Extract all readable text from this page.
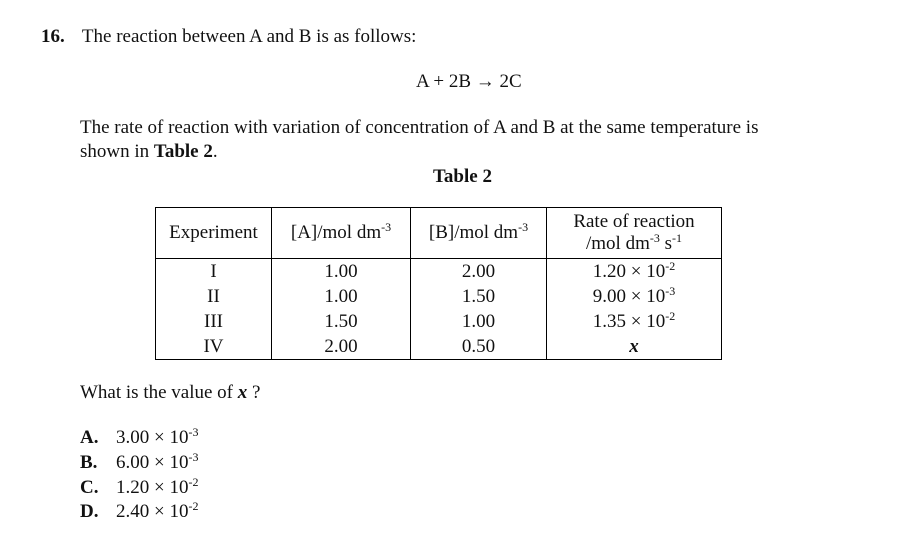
16. The reaction between A and B is as follows:
A + 2B → 2C
The rate of reaction with variation of concentration of A and B at the same temperature is
shown in Table 2.
Table 2
Experiment	[A]/mol $dm^{-3}$	[B]/mol $dm^{-3}$	Rate of reaction
/mol $dm^{-3}$ $s^{-1}$

I	1.00	2.00	$1.20 \times 10^{-2}$
II	1.00	1.50	$9.00 \times 10^{-3}$
III	1.50	1.00	$1.35 \times 10^{-2}$
IV	2.00	0.50	x
What is the value of x ?
A. $3.00 \times 10^{-3}$
B. $6.00 \times 10^{-3}$
C. $1.20 \times 10^{-2}$
D. $2.40 \times 10^{-2}$
